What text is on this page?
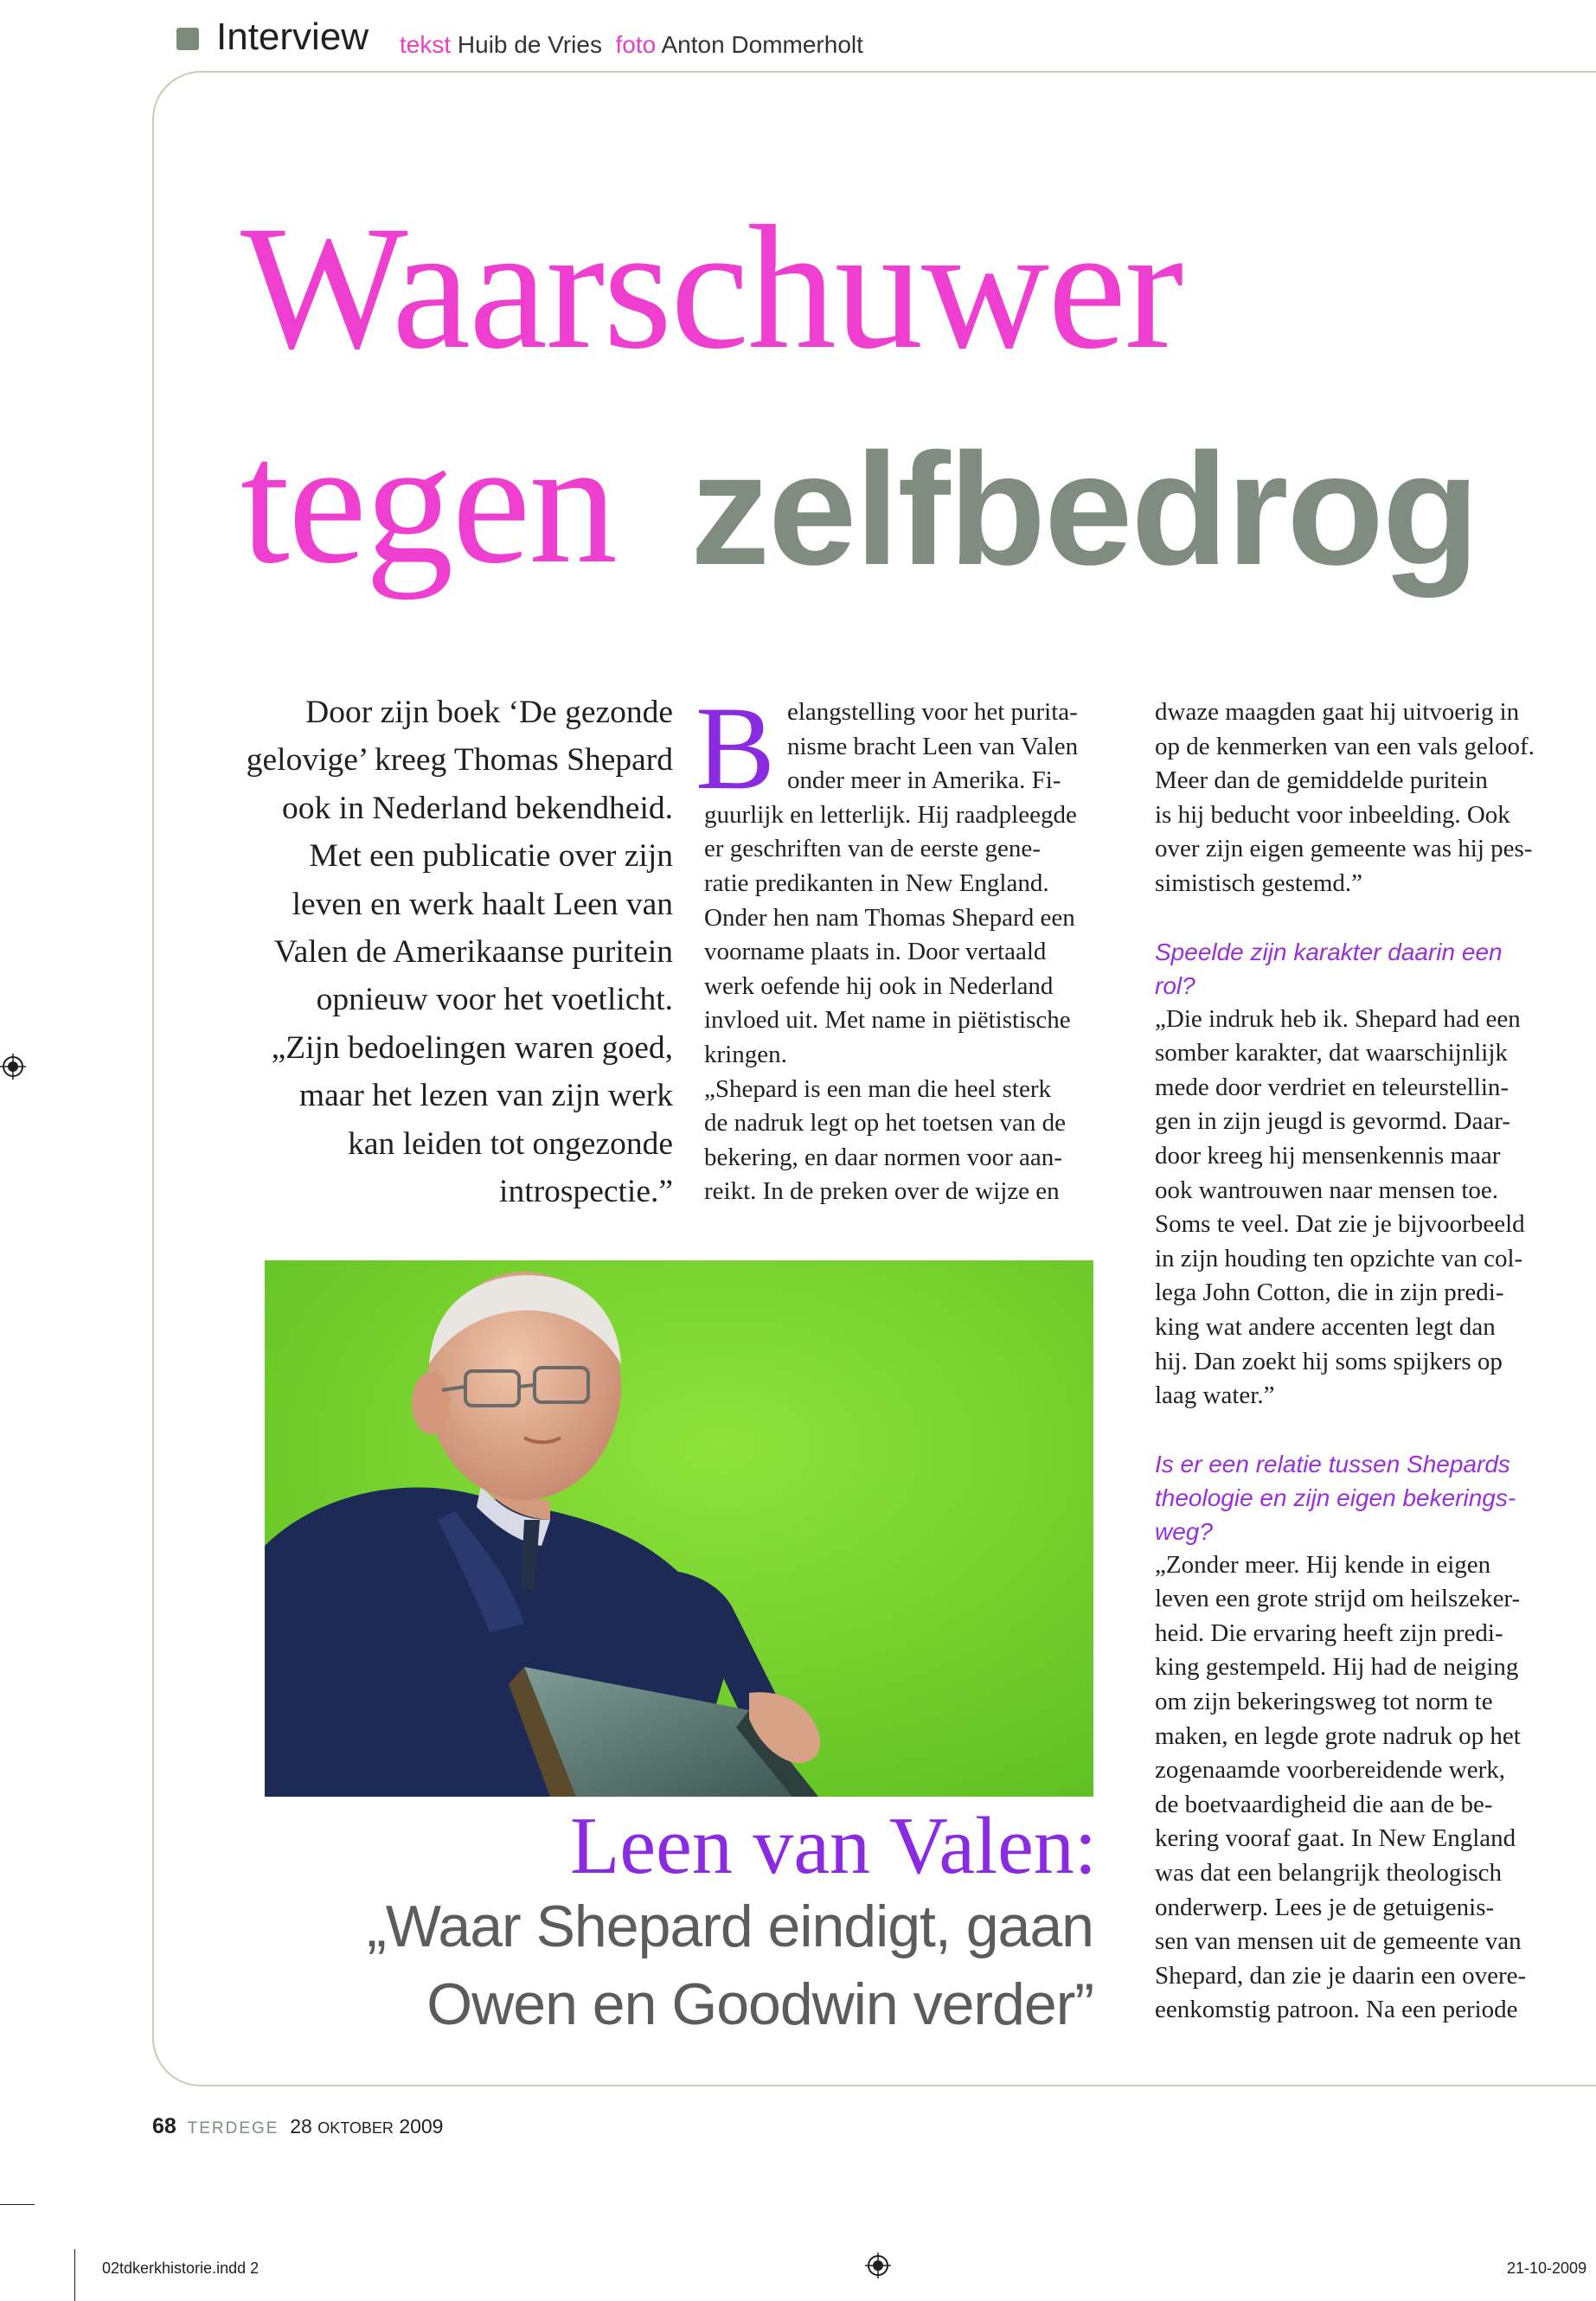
Interview tekst Huib de Vries foto Anton Dommerholt
Waarschuwer
tegen zelfbedrog

Door zijn boek ‘De gezonde

gelovige’ kreeg Thomas Shepard

ook in Nederland bekendheid.

Met een publicatie over zijn

leven en werk haalt Leen van

Valen de Amerikaanse puritein

opnieuw voor het voetlicht.

„Zijn bedoelingen waren goed,

maar het lezen van zijn werk

kan leiden tot ongezonde

introspectie.”

B elangstelling voor het purita-

nisme bracht Leen van Valen

onder meer in Amerika. Fi-

guurlijk en letterlijk. Hij raadpleegde

er geschriften van de eerste gene-

ratie predikanten in New England.

Onder hen nam Thomas Shepard een

voorname plaats in. Door vertaald

werk oefende hij ook in Nederland

invloed uit. Met name in piëtistische

kringen.

„Shepard is een man die heel sterk

de nadruk legt op het toetsen van de

bekering, en daar normen voor aan-

reikt. In de preken over de wijze en

dwaze maagden gaat hij uitvoerig in

op de kenmerken van een vals geloof.

Meer dan de gemiddelde puritein

is hij beducht voor inbeelding. Ook

over zijn eigen gemeente was hij pes-

simistisch gestemd.”

Speelde zijn karakter daarin een

rol?

„Die indruk heb ik. Shepard had een

somber karakter, dat waarschijnlijk

mede door verdriet en teleurstellin-

gen in zijn jeugd is gevormd. Daar-

door kreeg hij mensenkennis maar

ook wantrouwen naar mensen toe.

Soms te veel. Dat zie je bijvoorbeeld

in zijn houding ten opzichte van col-

lega John Cotton, die in zijn predi-

king wat andere accenten legt dan

hij. Dan zoekt hij soms spijkers op

laag water.”

Is er een relatie tussen Shepards

theologie en zijn eigen bekerings-

weg?

„Zonder meer. Hij kende in eigen

leven een grote strijd om heilszeker-

heid. Die ervaring heeft zijn predi-

king gestempeld. Hij had de neiging

om zijn bekeringsweg tot norm te

maken, en legde grote nadruk op het

zogenaamde voorbereidende werk,

de boetvaardigheid die aan de be-

kering vooraf gaat. In New England

was dat een belangrijk theologisch

onderwerp. Lees je de getuigenis-

sen van mensen uit de gemeente van

Shepard, dan zie je daarin een overe-

eenkomstig patroon. Na een periode

Leen van Valen:
„Waar Shepard eindigt, gaan
Owen en Goodwin verder”
68 TERDEGE 28 OKTOBER 2009
02tdkerkhistorie.indd 2	21-10-2009
